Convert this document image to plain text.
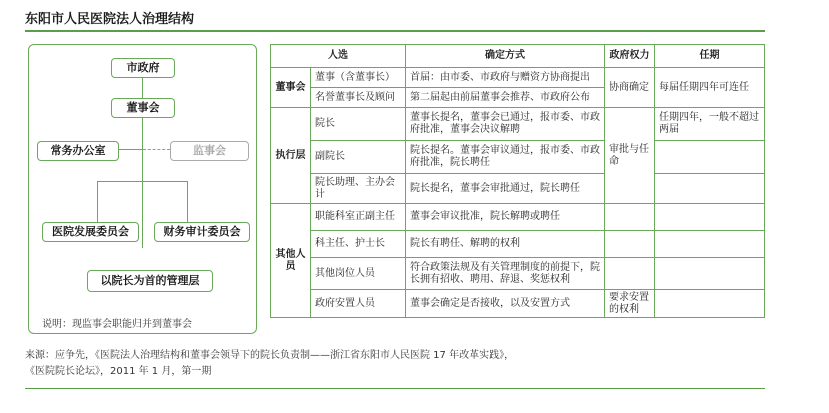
东阳市人民医院法人治理结构
市政府
董事会
常务办公室	监事会
医院发展委员会	财务审计委员会
以院长为首的管理层
说明：现监事会职能归并到董事会
人选		确定方式	政府权力	任期
董事会	董事（含董事长）	首届：由市委、市政府与赠资方协商提出	协商确定	每届任期四年可连任
	名誉董事长及顾问	第二届起由前届董事会推荐、市政府公布		
执行层	院长	董事长提名，董事会已通过，报市委、市政府批准，董事会决议解聘	审批与任命	任期四年，一般不超过两届
	副院长	院长提名。董事会审议通过，报市委、市政府批准，院长聘任		
	院长助理、主办会计	院长提名，董事会审批通过，院长聘任		
其他人员	职能科室正副主任	董事会审议批准，院长解聘或聘任		
	科主任、护士长	院长有聘任、解聘的权利		
	其他岗位人员	符合政策法规及有关管理制度的前提下，院长拥有招收、聘用、辞退、奖惩权利		
	政府安置人员	董事会确定是否接收，以及安置方式	要求安置的权利	
来源：应争先，《医院法人治理结构和董事会领导下的院长负责制——浙江省东阳市人民医院 17 年改革实践》，
《医院院长论坛》，2011 年 1 月，第一期
